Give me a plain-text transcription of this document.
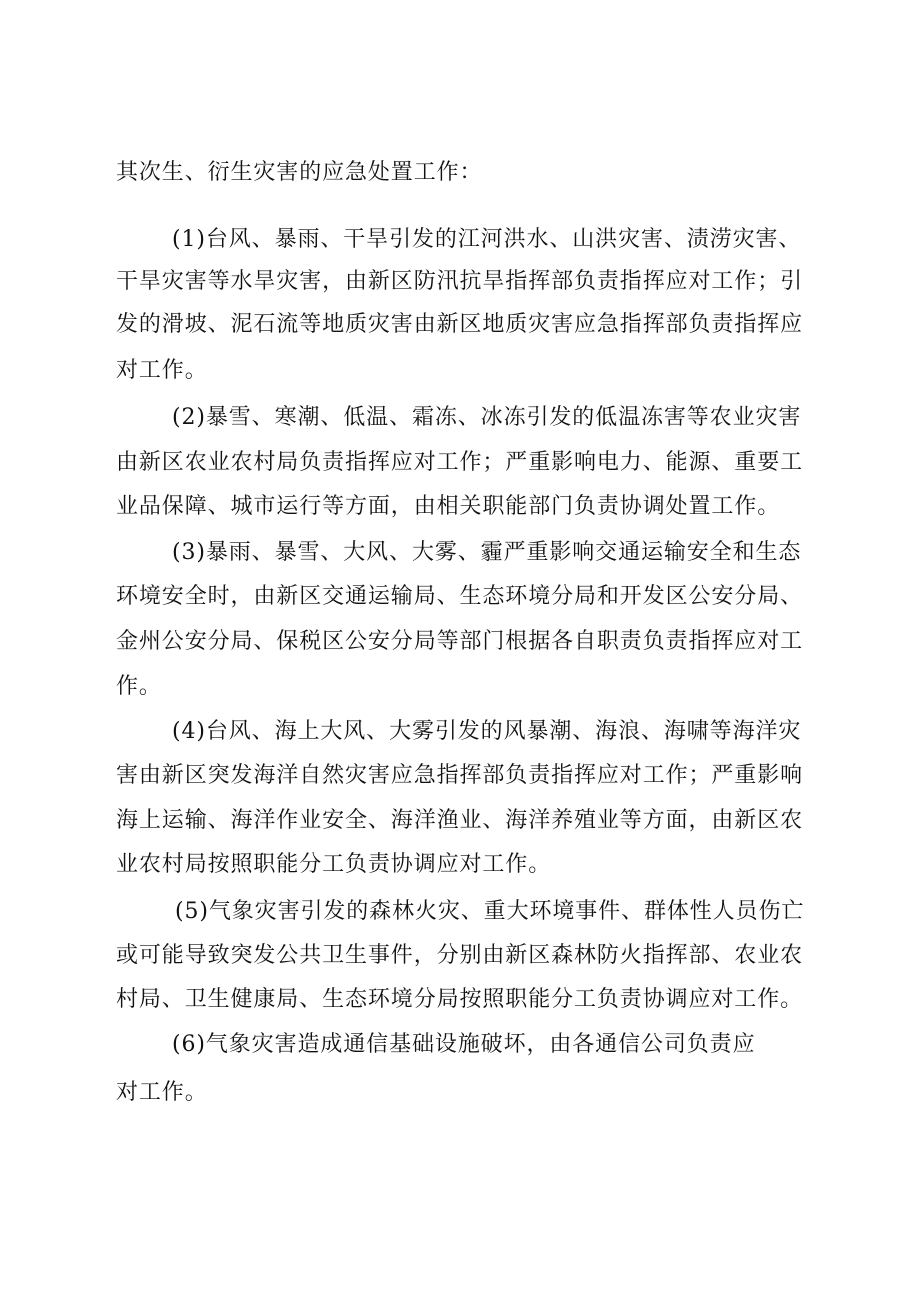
其次生、衍生灾害的应急处置工作：

(1)台风、暴雨、干旱引发的江河洪水、山洪灾害、渍涝灾害、

干旱灾害等水旱灾害，由新区防汛抗旱指挥部负责指挥应对工作；引

发的滑坡、泥石流等地质灾害由新区地质灾害应急指挥部负责指挥应

对工作。

(2)暴雪、寒潮、低温、霜冻、冰冻引发的低温冻害等农业灾害

由新区农业农村局负责指挥应对工作；严重影响电力、能源、重要工

业品保障、城市运行等方面，由相关职能部门负责协调处置工作。

(3)暴雨、暴雪、大风、大雾、霾严重影响交通运输安全和生态

环境安全时，由新区交通运输局、生态环境分局和开发区公安分局、

金州公安分局、保税区公安分局等部门根据各自职责负责指挥应对工

作。

(4)台风、海上大风、大雾引发的风暴潮、海浪、海啸等海洋灾

害由新区突发海洋自然灾害应急指挥部负责指挥应对工作；严重影响

海上运输、海洋作业安全、海洋渔业、海洋养殖业等方面，由新区农

业农村局按照职能分工负责协调应对工作。

(5)气象灾害引发的森林火灾、重大环境事件、群体性人员伤亡

或可能导致突发公共卫生事件，分别由新区森林防火指挥部、农业农

村局、卫生健康局、生态环境分局按照职能分工负责协调应对工作。

(6)气象灾害造成通信基础设施破坏，由各通信公司负责应

对工作。
